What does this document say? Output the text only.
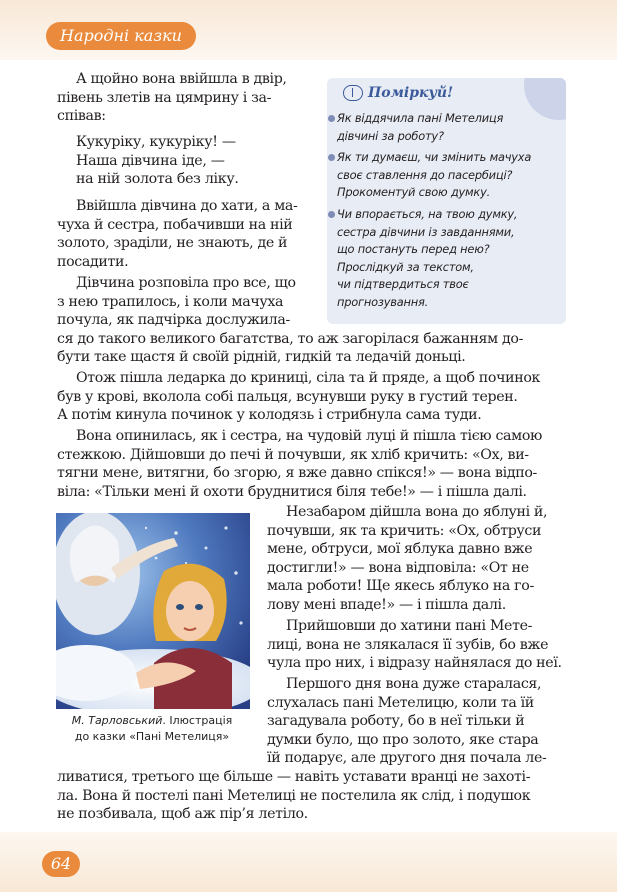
Народні казки
А щойно вона ввійшла в двір,
півень злетів на цямрину і за-
співав:
Кукуріку, кукуріку! —
Наша дівчина іде, —
на ній золота без ліку.
Ввійшла дівчина до хати, а ма-
чуха й сестра, побачивши на ній
золото, зраділи, не знають, де й
посадити.
Дівчина розповіла про все, що
з нею трапилось, і коли мачуха
почула, як падчірка дослужила-
ся до такого великого багатства, то аж загорілася бажанням до-
бути таке щастя й своїй рідній, гидкій та ледачій доньці.
Отож пішла ледарка до криниці, сіла та й пряде, а щоб починок
був у крові, вколола собі пальця, всунувши руку в густий терен.
А потім кинула починок у колодязь і стрибнула сама туди.
Вона опинилась, як і сестра, на чудовій луці й пішла тією самою
стежкою. Дійшовши до печі й почувши, як хліб кричить: «Ох, ви-
тягни мене, витягни, бо згорю, я вже давно спікся!» — вона відпо-
віла: «Тільки мені й охоти бруднитися біля тебе!» — і пішла далі.
Незабаром дійшла вона до яблуні й,
почувши, як та кричить: «Ох, обтруси
мене, обтруси, мої яблука давно вже
достигли!» — вона відповіла: «От не
мала роботи! Ще якесь яблуко на го-
лову мені впаде!» — і пішла далі.
Прийшовши до хатини пані Мете-
лиці, вона не злякалася її зубів, бо вже
чула про них, і відразу найнялася до неї.
Першого дня вона дуже старалася,
слухалась пані Метелицю, коли та їй
загадувала роботу, бо в неї тільки й
думки було, що про золото, яке стара
їй подарує, але другого дня почала ле-
ливатися, третього ще більше — навіть уставати вранці не захоті-
ла. Вона й постелі пані Метелиці не постелила як слід, і подушок
не позбивала, щоб аж пір’я летіло.
Поміркуй!
Як віддячила пані Метелиця
дівчині за роботу?
Як ти думаєш, чи змінить мачуха
своє ставлення до пасербиці?
Прокоментуй свою думку.
Чи впорається, на твою думку,
сестра дівчини із завданнями,
що постануть перед нею?
Прослідкуй за текстом,
чи підтвердиться твоє
прогнозування.
М. Тарловський. Ілюстрація
до казки «Пані Метелиця»
64
